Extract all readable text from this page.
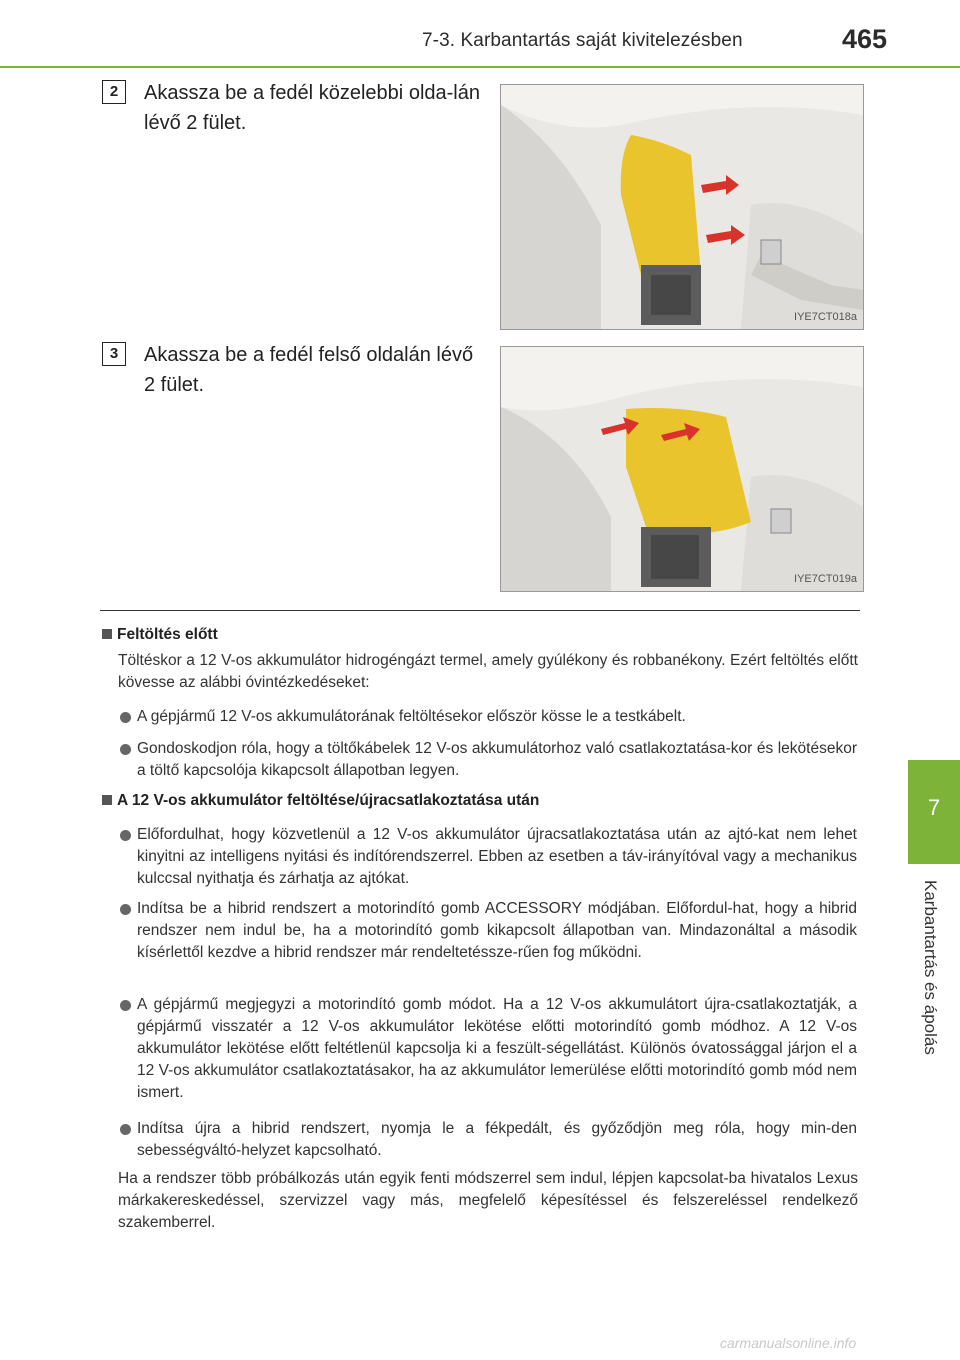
7-3. Karbantartás saját kivitelezésben	465
7
Karbantartás és ápolás
2	Akassza be a fedél közelebbi olda-lán lévő 2 fület.
IYE7CT018a
3	Akassza be a fedél felső oldalán lévő 2 fület.
IYE7CT019a
Feltöltés előtt
Töltéskor a 12 V-os akkumulátor hidrogéngázt termel, amely gyúlékony és robbanékony. Ezért feltöltés előtt kövesse az alábbi óvintézkedéseket:
A gépjármű 12 V-os akkumulátorának feltöltésekor először kösse le a testkábelt.
Gondoskodjon róla, hogy a töltőkábelek 12 V-os akkumulátorhoz való csatlakoztatása-kor és lekötésekor a töltő kapcsolója kikapcsolt állapotban legyen.
A 12 V-os akkumulátor feltöltése/újracsatlakoztatása után
Előfordulhat, hogy közvetlenül a 12 V-os akkumulátor újracsatlakoztatása után az ajtó-kat nem lehet kinyitni az intelligens nyitási és indítórendszerrel. Ebben az esetben a táv-irányítóval vagy a mechanikus kulccsal nyithatja és zárhatja az ajtókat.
Indítsa be a hibrid rendszert a motorindító gomb ACCESSORY módjában. Előfordul-hat, hogy a hibrid rendszer nem indul be, ha a motorindító gomb kikapcsolt állapotban van. Mindazonáltal a második kísérlettől kezdve a hibrid rendszer már rendeltetéssze-rűen fog működni.
A gépjármű megjegyzi a motorindító gomb módot. Ha a 12 V-os akkumulátort újra-csatlakoztatják, a gépjármű visszatér a 12 V-os akkumulátor lekötése előtti motorindító gomb módhoz. A 12 V-os akkumulátor lekötése előtt feltétlenül kapcsolja ki a feszült-ségellátást. Különös óvatossággal járjon el a 12 V-os akkumulátor csatlakoztatásakor, ha az akkumulátor lemerülése előtti motorindító gomb mód nem ismert.
Indítsa újra a hibrid rendszert, nyomja le a fékpedált, és győződjön meg róla, hogy min-den sebességváltó-helyzet kapcsolható.
Ha a rendszer több próbálkozás után egyik fenti módszerrel sem indul, lépjen kapcsolat-ba hivatalos Lexus márkakereskedéssel, szervizzel vagy más, megfelelő képesítéssel és felszereléssel rendelkező szakemberrel.
carmanualsonline.info
